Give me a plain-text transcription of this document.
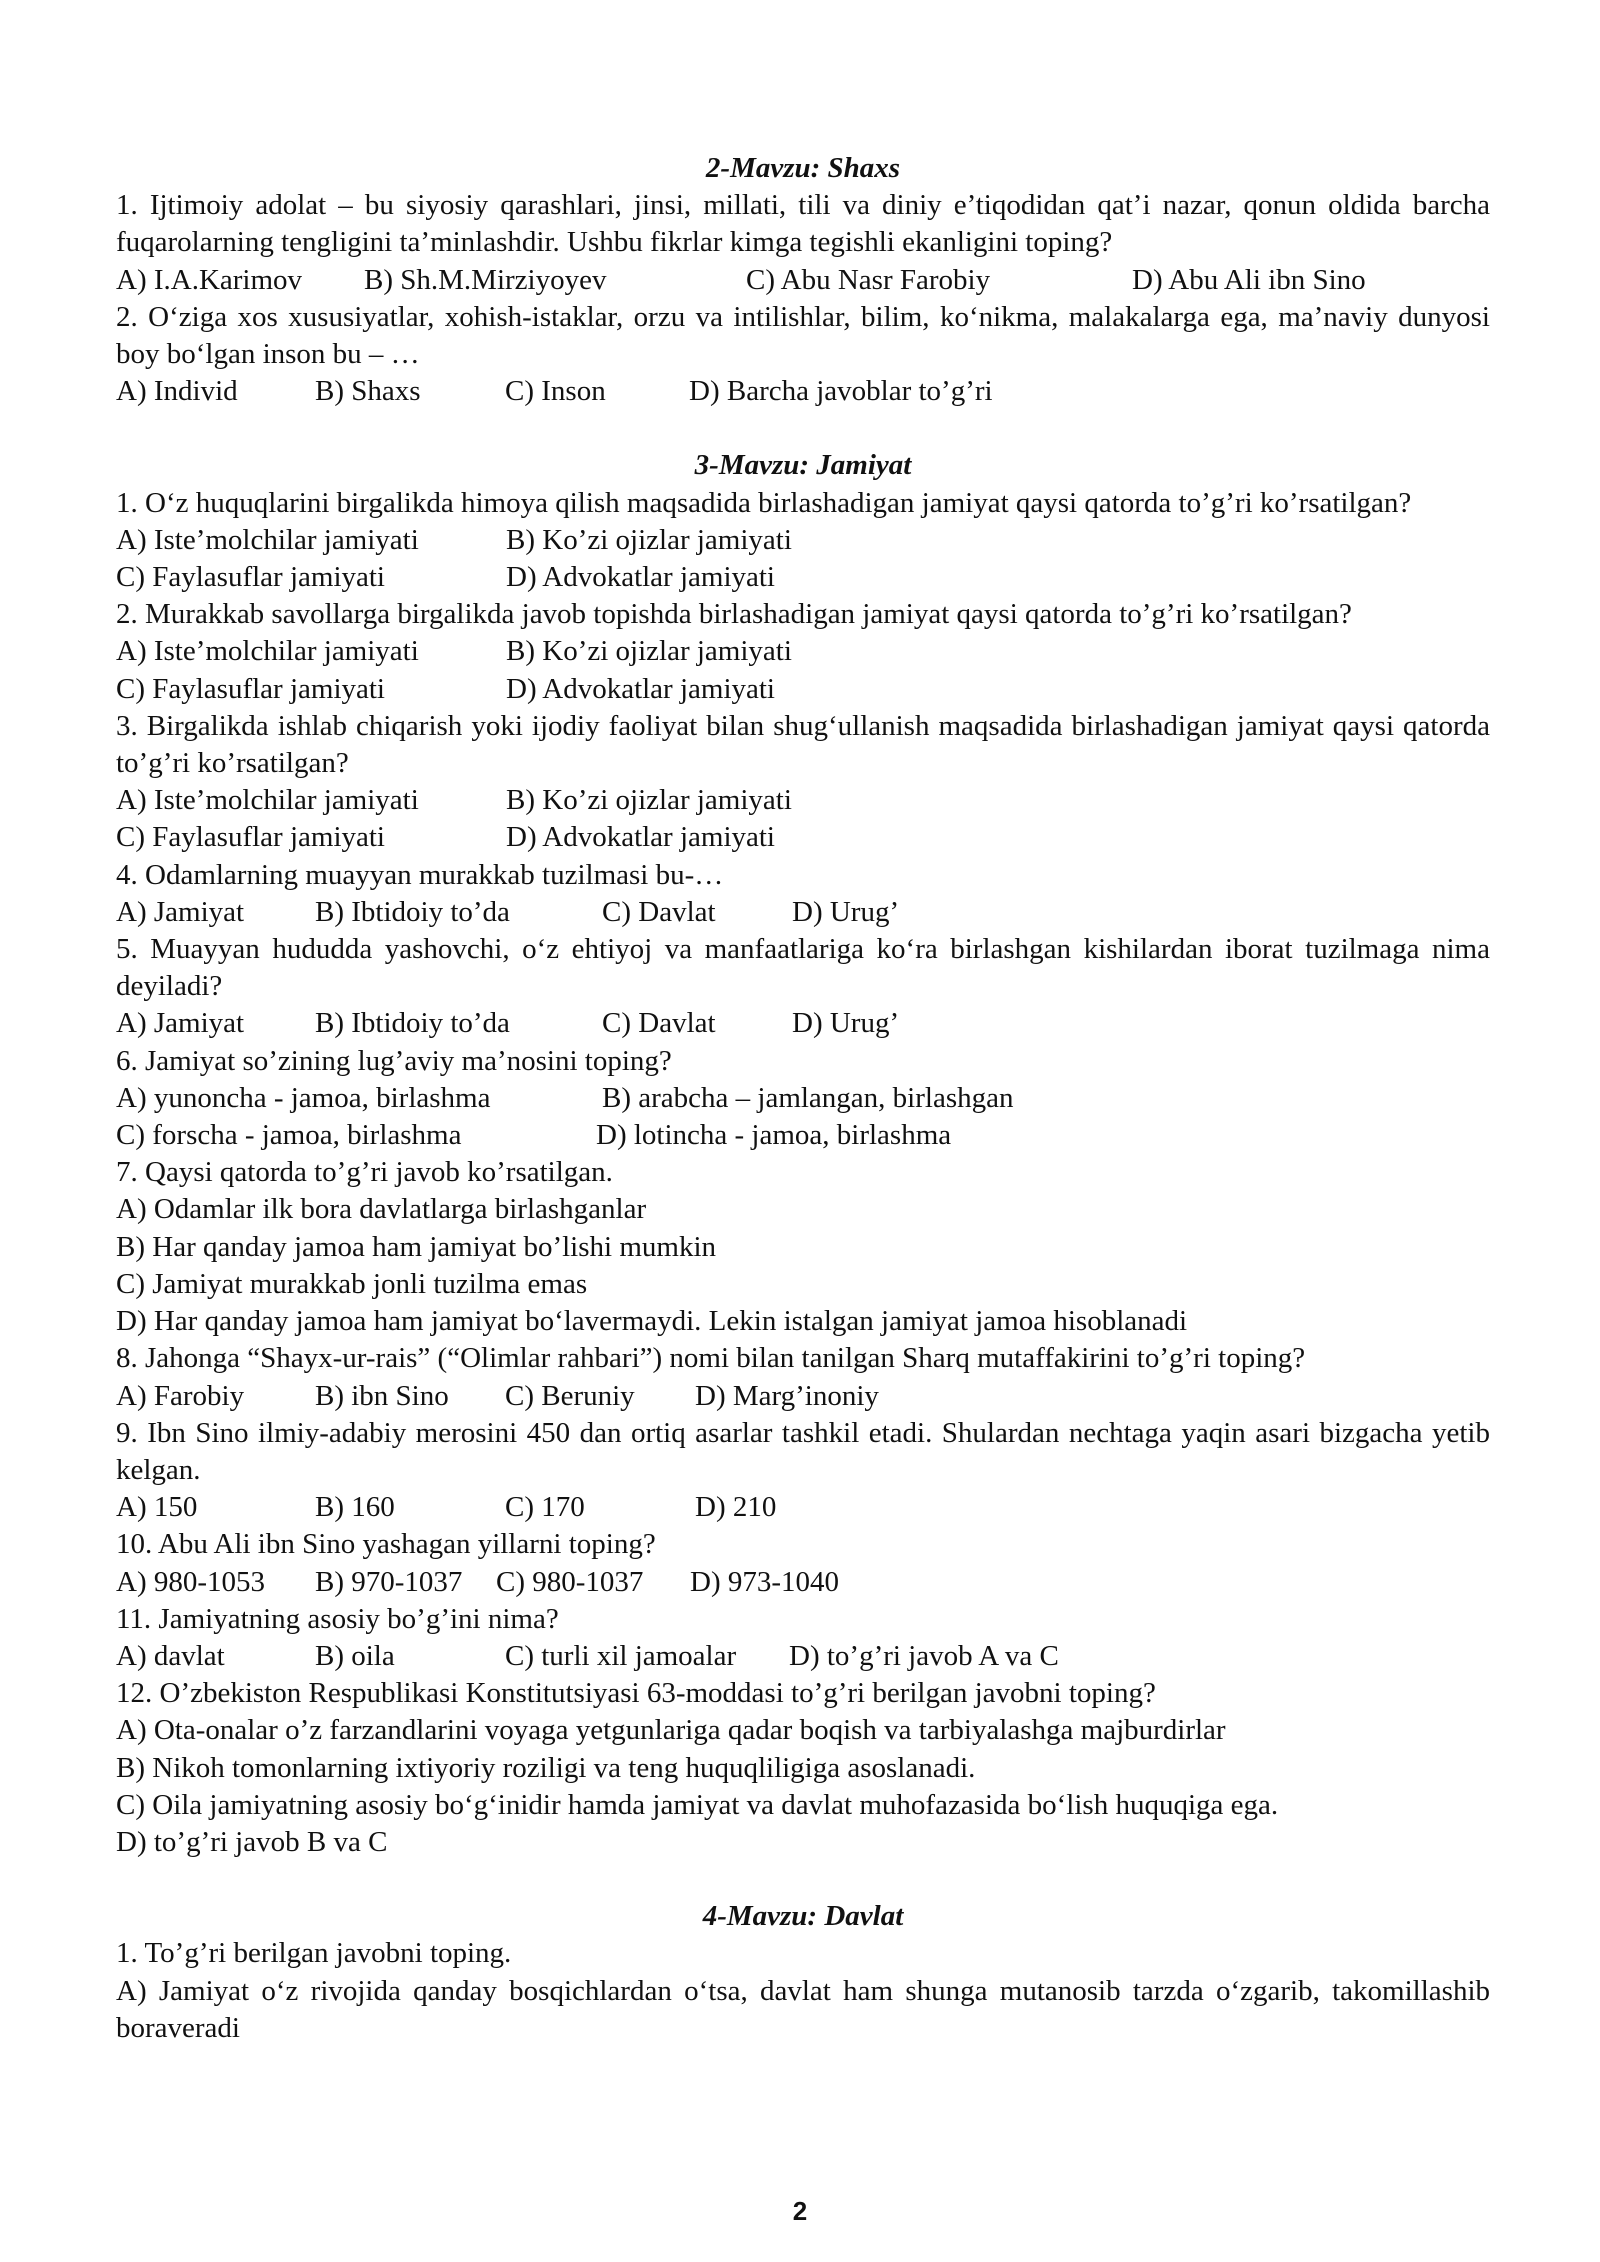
2-Mavzu: Shaxs
1. Ijtimoiy adolat – bu siyosiy qarashlari, jinsi, millati, tili va diniy e’tiqodidan qat’i nazar, qonun oldida barcha fuqarolarning tengligini ta’minlashdir. Ushbu fikrlar kimga tegishli ekanligini toping?
A) I.A.Karimov	B) Sh.M.Mirziyoyev	C) Abu Nasr Farobiy	D) Abu Ali ibn Sino
2. O‘ziga xos xususiyatlar, xohish-istaklar, orzu va intilishlar, bilim, ko‘nikma, malakalarga ega, ma’naviy dunyosi boy bo‘lgan inson bu – …
A) Individ	B) Shaxs	C) Inson	D) Barcha javoblar to’g’ri
3-Mavzu: Jamiyat
1. O‘z huquqlarini birgalikda himoya qilish maqsadida birlashadigan jamiyat qaysi qatorda to’g’ri ko’rsatilgan?
A) Iste’molchilar jamiyati	B) Ko’zi ojizlar jamiyati
C) Faylasuflar jamiyati	D) Advokatlar jamiyati
2. Murakkab savollarga birgalikda javob topishda birlashadigan jamiyat qaysi qatorda to’g’ri ko’rsatilgan?
A) Iste’molchilar jamiyati	B) Ko’zi ojizlar jamiyati
C) Faylasuflar jamiyati	D) Advokatlar jamiyati
3. Birgalikda ishlab chiqarish yoki ijodiy faoliyat bilan shug‘ullanish maqsadida birlashadigan jamiyat qaysi qatorda to’g’ri ko’rsatilgan?
A) Iste’molchilar jamiyati	B) Ko’zi ojizlar jamiyati
C) Faylasuflar jamiyati	D) Advokatlar jamiyati
4. Odamlarning muayyan murakkab tuzilmasi bu-…
A) Jamiyat	B) Ibtidoiy to’da	C) Davlat	D) Urug’
5. Muayyan hududda yashovchi, o‘z ehtiyoj va manfaatlariga ko‘ra birlashgan kishilardan iborat tuzilmaga nima deyiladi?
A) Jamiyat	B) Ibtidoiy to’da	C) Davlat	D) Urug’
6. Jamiyat so’zining lug’aviy ma’nosini toping?
A) yunoncha - jamoa, birlashma	B) arabcha – jamlangan, birlashgan
C) forscha - jamoa, birlashma	D) lotincha - jamoa, birlashma
7. Qaysi qatorda to’g’ri javob ko’rsatilgan.
A) Odamlar ilk bora davlatlarga birlashganlar
B) Har qanday jamoa ham jamiyat bo’lishi mumkin
C) Jamiyat murakkab jonli tuzilma emas
D) Har qanday jamoa ham jamiyat bo‘lavermaydi. Lekin istalgan jamiyat jamoa hisoblanadi
8. Jahonga “Shayx-ur-rais” (“Olimlar rahbari”) nomi bilan tanilgan Sharq mutaffakirini to’g’ri toping?
A) Farobiy	B) ibn Sino	C) Beruniy	D) Marg’inoniy
9. Ibn Sino ilmiy-adabiy merosini 450 dan ortiq asarlar tashkil etadi. Shulardan nechtaga yaqin asari bizgacha yetib kelgan.
A) 150	B) 160	C) 170	D) 210
10. Abu Ali ibn Sino yashagan yillarni toping?
A) 980-1053	B) 970-1037	C) 980-1037	D) 973-1040
11. Jamiyatning asosiy bo’g’ini nima?
A) davlat	B) oila	C) turli xil jamoalar	D) to’g’ri javob A va C
12. O’zbekiston Respublikasi Konstitutsiyasi 63-moddasi to’g’ri berilgan javobni toping?
A) Ota-onalar o’z farzandlarini voyaga yetgunlariga qadar boqish va tarbiyalashga majburdirlar
B) Nikoh tomonlarning ixtiyoriy roziligi va teng huquqliligiga asoslanadi.
C) Oila jamiyatning asosiy bo‘g‘inidir hamda jamiyat va davlat muhofazasida bo‘lish huquqiga ega.
D) to’g’ri javob B va C
4-Mavzu: Davlat
1. To’g’ri berilgan javobni toping.
A) Jamiyat o‘z rivojida qanday bosqichlardan o‘tsa, davlat ham shunga mutanosib tarzda o‘zgarib, takomillashib boraveradi
2
